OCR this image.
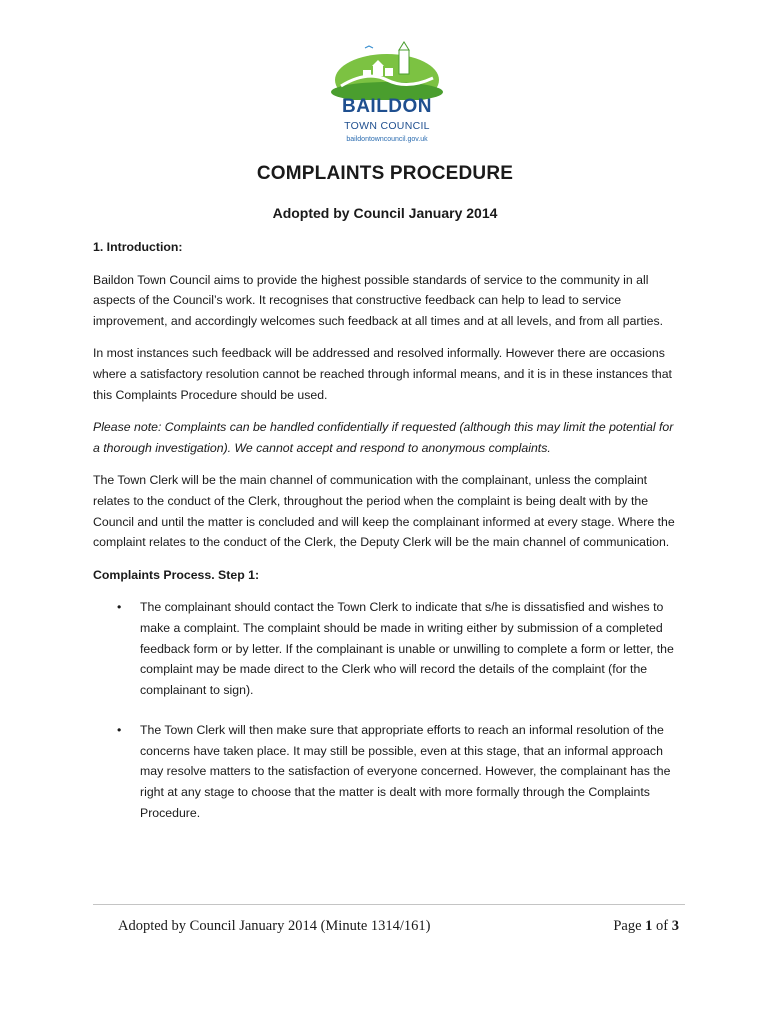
BAILDON
TOWN COUNCIL
baildontowncouncil.gov.uk
COMPLAINTS PROCEDURE
Adopted by Council January 2014
1. Introduction:
Baildon Town Council aims to provide the highest possible standards of service to the community in all aspects of the Council’s work. It recognises that constructive feedback can help to lead to service improvement, and accordingly welcomes such feedback at all times and at all levels, and from all parties.
In most instances such feedback will be addressed and resolved informally. However there are occasions where a satisfactory resolution cannot be reached through informal means, and it is in these instances that this Complaints Procedure should be used.
Please note: Complaints can be handled confidentially if requested (although this may limit the potential for a thorough investigation). We cannot accept and respond to anonymous complaints.
The Town Clerk will be the main channel of communication with the complainant, unless the complaint relates to the conduct of the Clerk, throughout the period when the complaint is being dealt with by the Council and until the matter is concluded and will keep the complainant informed at every stage. Where the complaint relates to the conduct of the Clerk, the Deputy Clerk will be the main channel of communication.
Complaints Process. Step 1:
• The complainant should contact the Town Clerk to indicate that s/he is dissatisfied and wishes to make a complaint. The complaint should be made in writing either by submission of a completed feedback form or by letter. If the complainant is unable or unwilling to complete a form or letter, the complaint may be made direct to the Clerk who will record the details of the complaint (for the complainant to sign).
• The Town Clerk will then make sure that appropriate efforts to reach an informal resolution of the concerns have taken place. It may still be possible, even at this stage, that an informal approach may resolve matters to the satisfaction of everyone concerned. However, the complainant has the right at any stage to choose that the matter is dealt with more formally through the Complaints Procedure.
Adopted by Council January 2014 (Minute 1314/161)	Page 1 of 3
